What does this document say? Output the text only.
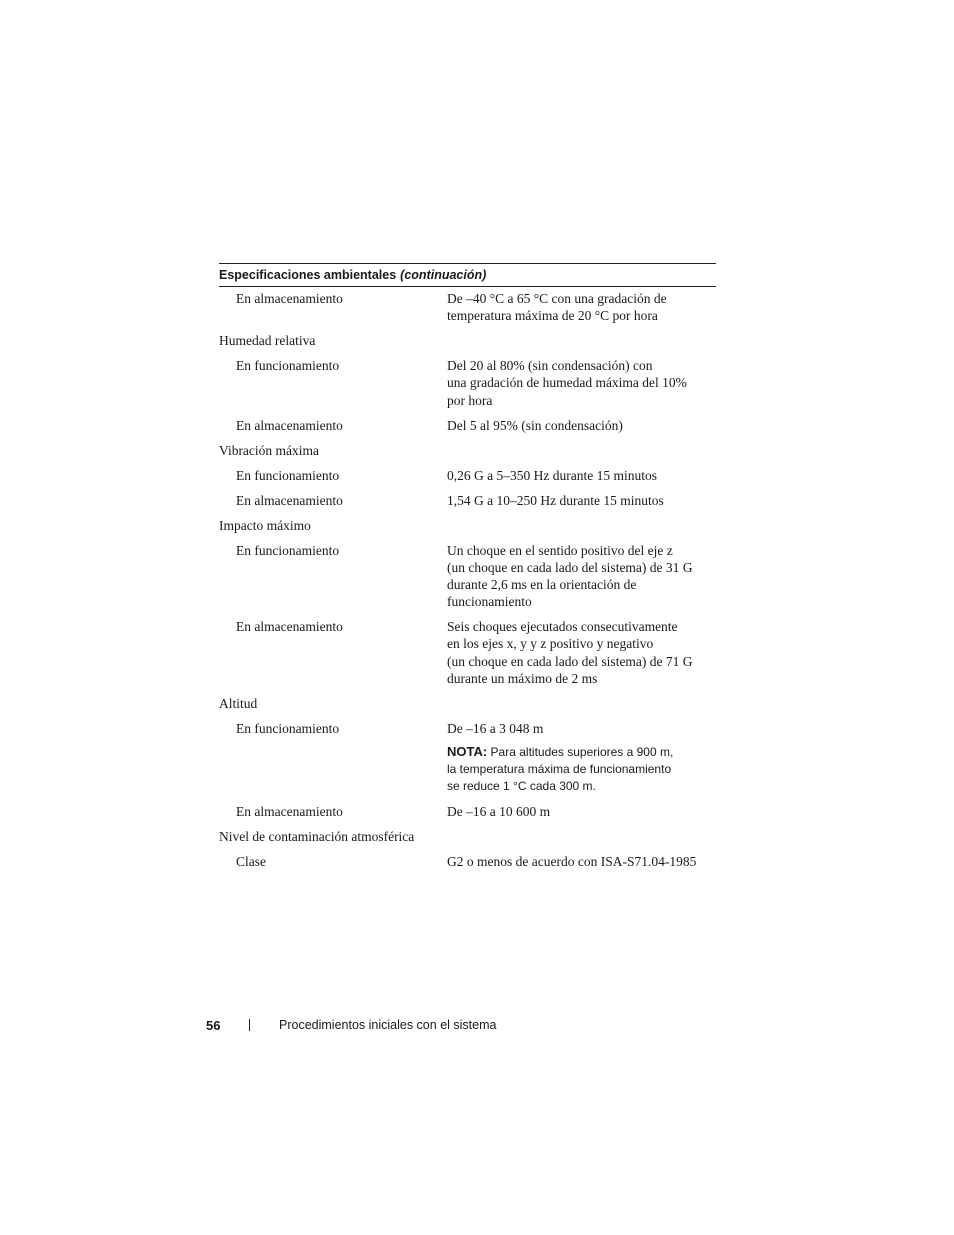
Especificaciones ambientales (continuación)
En almacenamiento	De –40 °C a 65 °C con una gradación de
temperatura máxima de 20 °C por hora
Humedad relativa
En funcionamiento	Del 20 al 80% (sin condensación) con
una gradación de humedad máxima del 10%
por hora
En almacenamiento	Del 5 al 95% (sin condensación)
Vibración máxima
En funcionamiento	0,26 G a 5–350 Hz durante 15 minutos
En almacenamiento	1,54 G a 10–250 Hz durante 15 minutos
Impacto máximo
En funcionamiento	Un choque en el sentido positivo del eje z
(un choque en cada lado del sistema) de 31 G
durante 2,6 ms en la orientación de
funcionamiento
En almacenamiento	Seis choques ejecutados consecutivamente
en los ejes x, y y z positivo y negativo
(un choque en cada lado del sistema) de 71 G
durante un máximo de 2 ms
Altitud
En funcionamiento	De –16 a 3 048 m
NOTA: Para altitudes superiores a 900 m,
la temperatura máxima de funcionamiento
se reduce 1 °C cada 300 m.
En almacenamiento	De –16 a 10 600 m
Nivel de contaminación atmosférica
Clase	G2 o menos de acuerdo con ISA-S71.04-1985
56	Procedimientos iniciales con el sistema
